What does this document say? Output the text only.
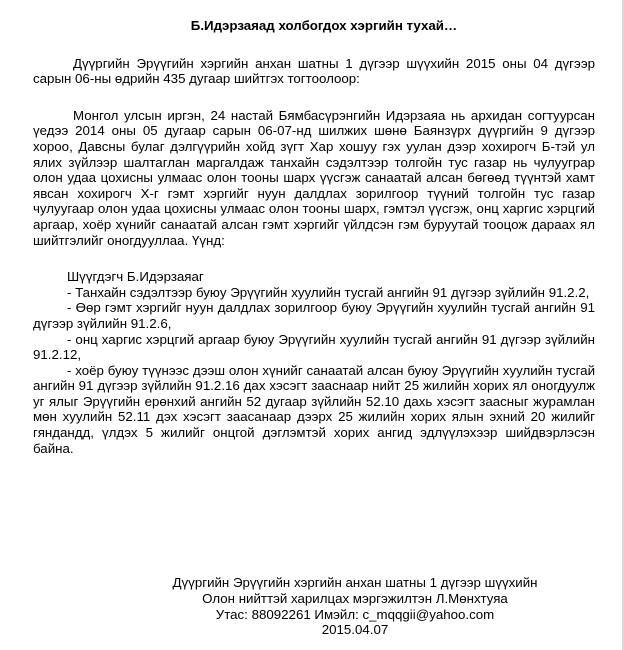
Б.Идэрзаяад холбогдох хэргийн тухай…

Дүүргийн Эрүүгийн хэргийн анхан шатны 1 дүгээр шүүхийн 2015 оны 04 дүгээр сарын 06-ны өдрийн 435 дугаар шийтгэх тогтоолоор:

Монгол улсын иргэн, 24 настай Бямбасүрэнгийн Идэрзаяа нь архидан согтуурсан үедээ 2014 оны 05 дугаар сарын 06-07-нд шилжих шөнө Баянзүрх дүүргийн 9 дүгээр хороо, Давсны булаг дэлгүүрийн хойд зүгт Хар хошуу гэх уулан дээр хохирогч Б-тэй ул ялих зүйлээр шалтаглан маргалдаж танхайн сэдэлтээр толгойн тус газар нь чулууграр олон удаа цохисны улмаас олон тооны шарх үүсгэж санаатай алсан бөгөөд түүнтэй хамт явсан хохирогч Х-г гэмт хэргийг нуун далдлах зорилгоор түүний толгойн тус газар чулуугаар олон удаа цохисны улмаас олон тооны шарх, гэмтэл үүсгэж, онц харгис хэрцгий аргаар, хоёр хүнийг санаатай алсан гэмт хэргийг үйлдсэн гэм буруутай тооцож дараах ял шийтгэлийг оногдууллаа. Үүнд:

Шүүгдэгч Б.Идэрзаяаг

- Танхайн сэдэлтээр буюу Эрүүгийн хуулийн тусгай ангийн 91 дүгээр зүйлийн 91.2.2,

- Өөр гэмт хэргийг нуун далдлах зорилгоор буюу Эрүүгийн хуулийн тусгай ангийн 91 дүгээр зүйлийн 91.2.6,

- онц харгис хэрцгий аргаар буюу Эрүүгийн хуулийн тусгай ангийн 91 дүгээр зүйлийн 91.2.12,

- хоёр буюу түүнээс дээш олон хүнийг санаатай алсан буюу Эрүүгийн хуулийн тусгай ангийн 91 дүгээр зүйлийн 91.2.16 дах хэсэгт зааснаар нийт 25 жилийн хорих ял оногдуулж уг ялыг Эрүүгийн ерөнхий ангийн 52 дугаар зүйлийн 52.10 дахь хэсэгт заасныг журамлан мөн хуулийн 52.11 дэх хэсэгт заасанаар дээрх 25 жилийн хорих ялын эхний 20 жилийг гяндандд, үлдэх 5 жилийг онцгой дэглэмтэй хорих ангид эдлүүлэхээр шийдвэрлэсэн байна.

Дүүргийн Эрүүгийн хэргийн анхан шатны 1 дүгээр шүүхийн
Олон нийттэй харилцах мэргэжилтэн Л.Мөнхтуяа
Утас: 88092261 Имэйл: c_mqqgii@yahoo.com
2015.04.07
